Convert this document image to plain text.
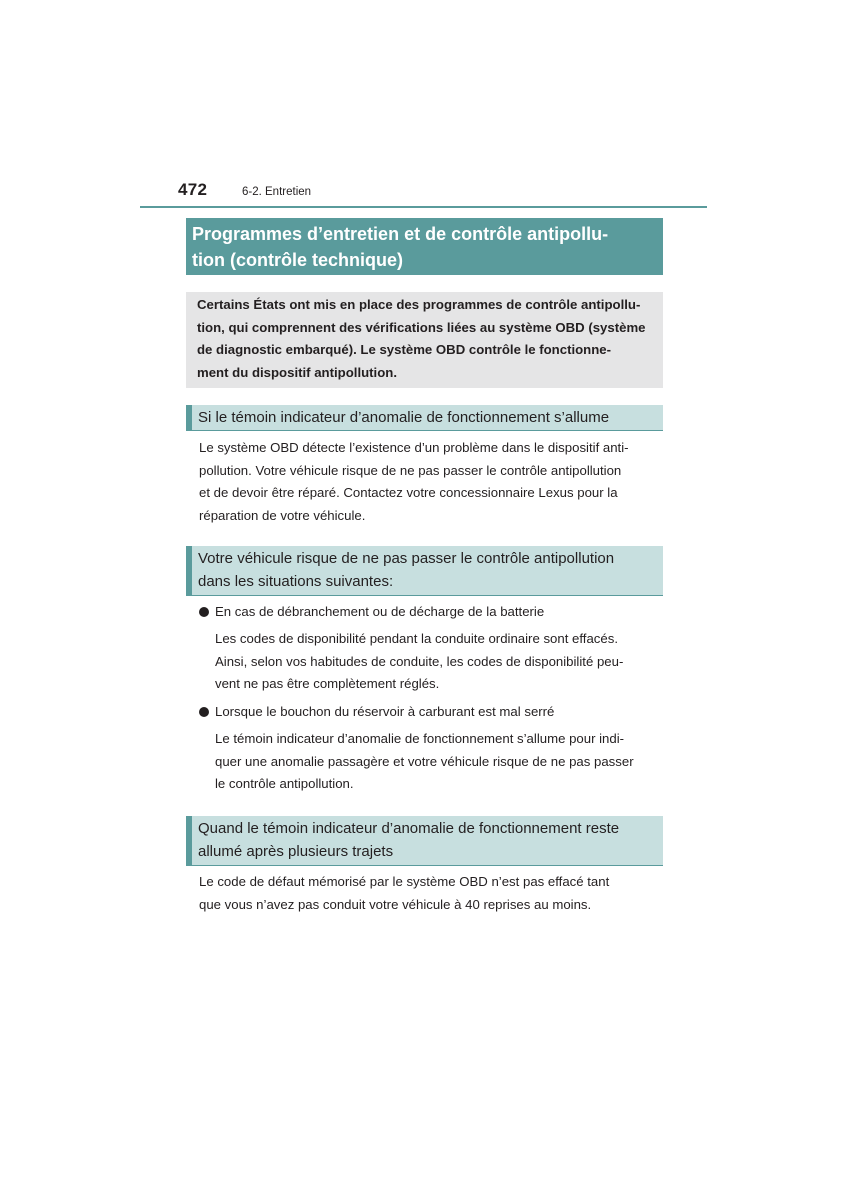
472	6-2. Entretien
Programmes d’entretien et de contrôle antipollu-
tion (contrôle technique)
Certains États ont mis en place des programmes de contrôle antipollu-
tion, qui comprennent des vérifications liées au système OBD (système
de diagnostic embarqué). Le système OBD contrôle le fonctionne-
ment du dispositif antipollution.
Si le témoin indicateur d’anomalie de fonctionnement s’allume
Le système OBD détecte l’existence d’un problème dans le dispositif anti-
pollution. Votre véhicule risque de ne pas passer le contrôle antipollution
et de devoir être réparé. Contactez votre concessionnaire Lexus pour la
réparation de votre véhicule.
Votre véhicule risque de ne pas passer le contrôle antipollution
dans les situations suivantes:
En cas de débranchement ou de décharge de la batterie
Les codes de disponibilité pendant la conduite ordinaire sont effacés.
Ainsi, selon vos habitudes de conduite, les codes de disponibilité peu-
vent ne pas être complètement réglés.
Lorsque le bouchon du réservoir à carburant est mal serré
Le témoin indicateur d’anomalie de fonctionnement s’allume pour indi-
quer une anomalie passagère et votre véhicule risque de ne pas passer
le contrôle antipollution.
Quand le témoin indicateur d’anomalie de fonctionnement reste
allumé après plusieurs trajets
Le code de défaut mémorisé par le système OBD n’est pas effacé tant
que vous n’avez pas conduit votre véhicule à 40 reprises au moins.
